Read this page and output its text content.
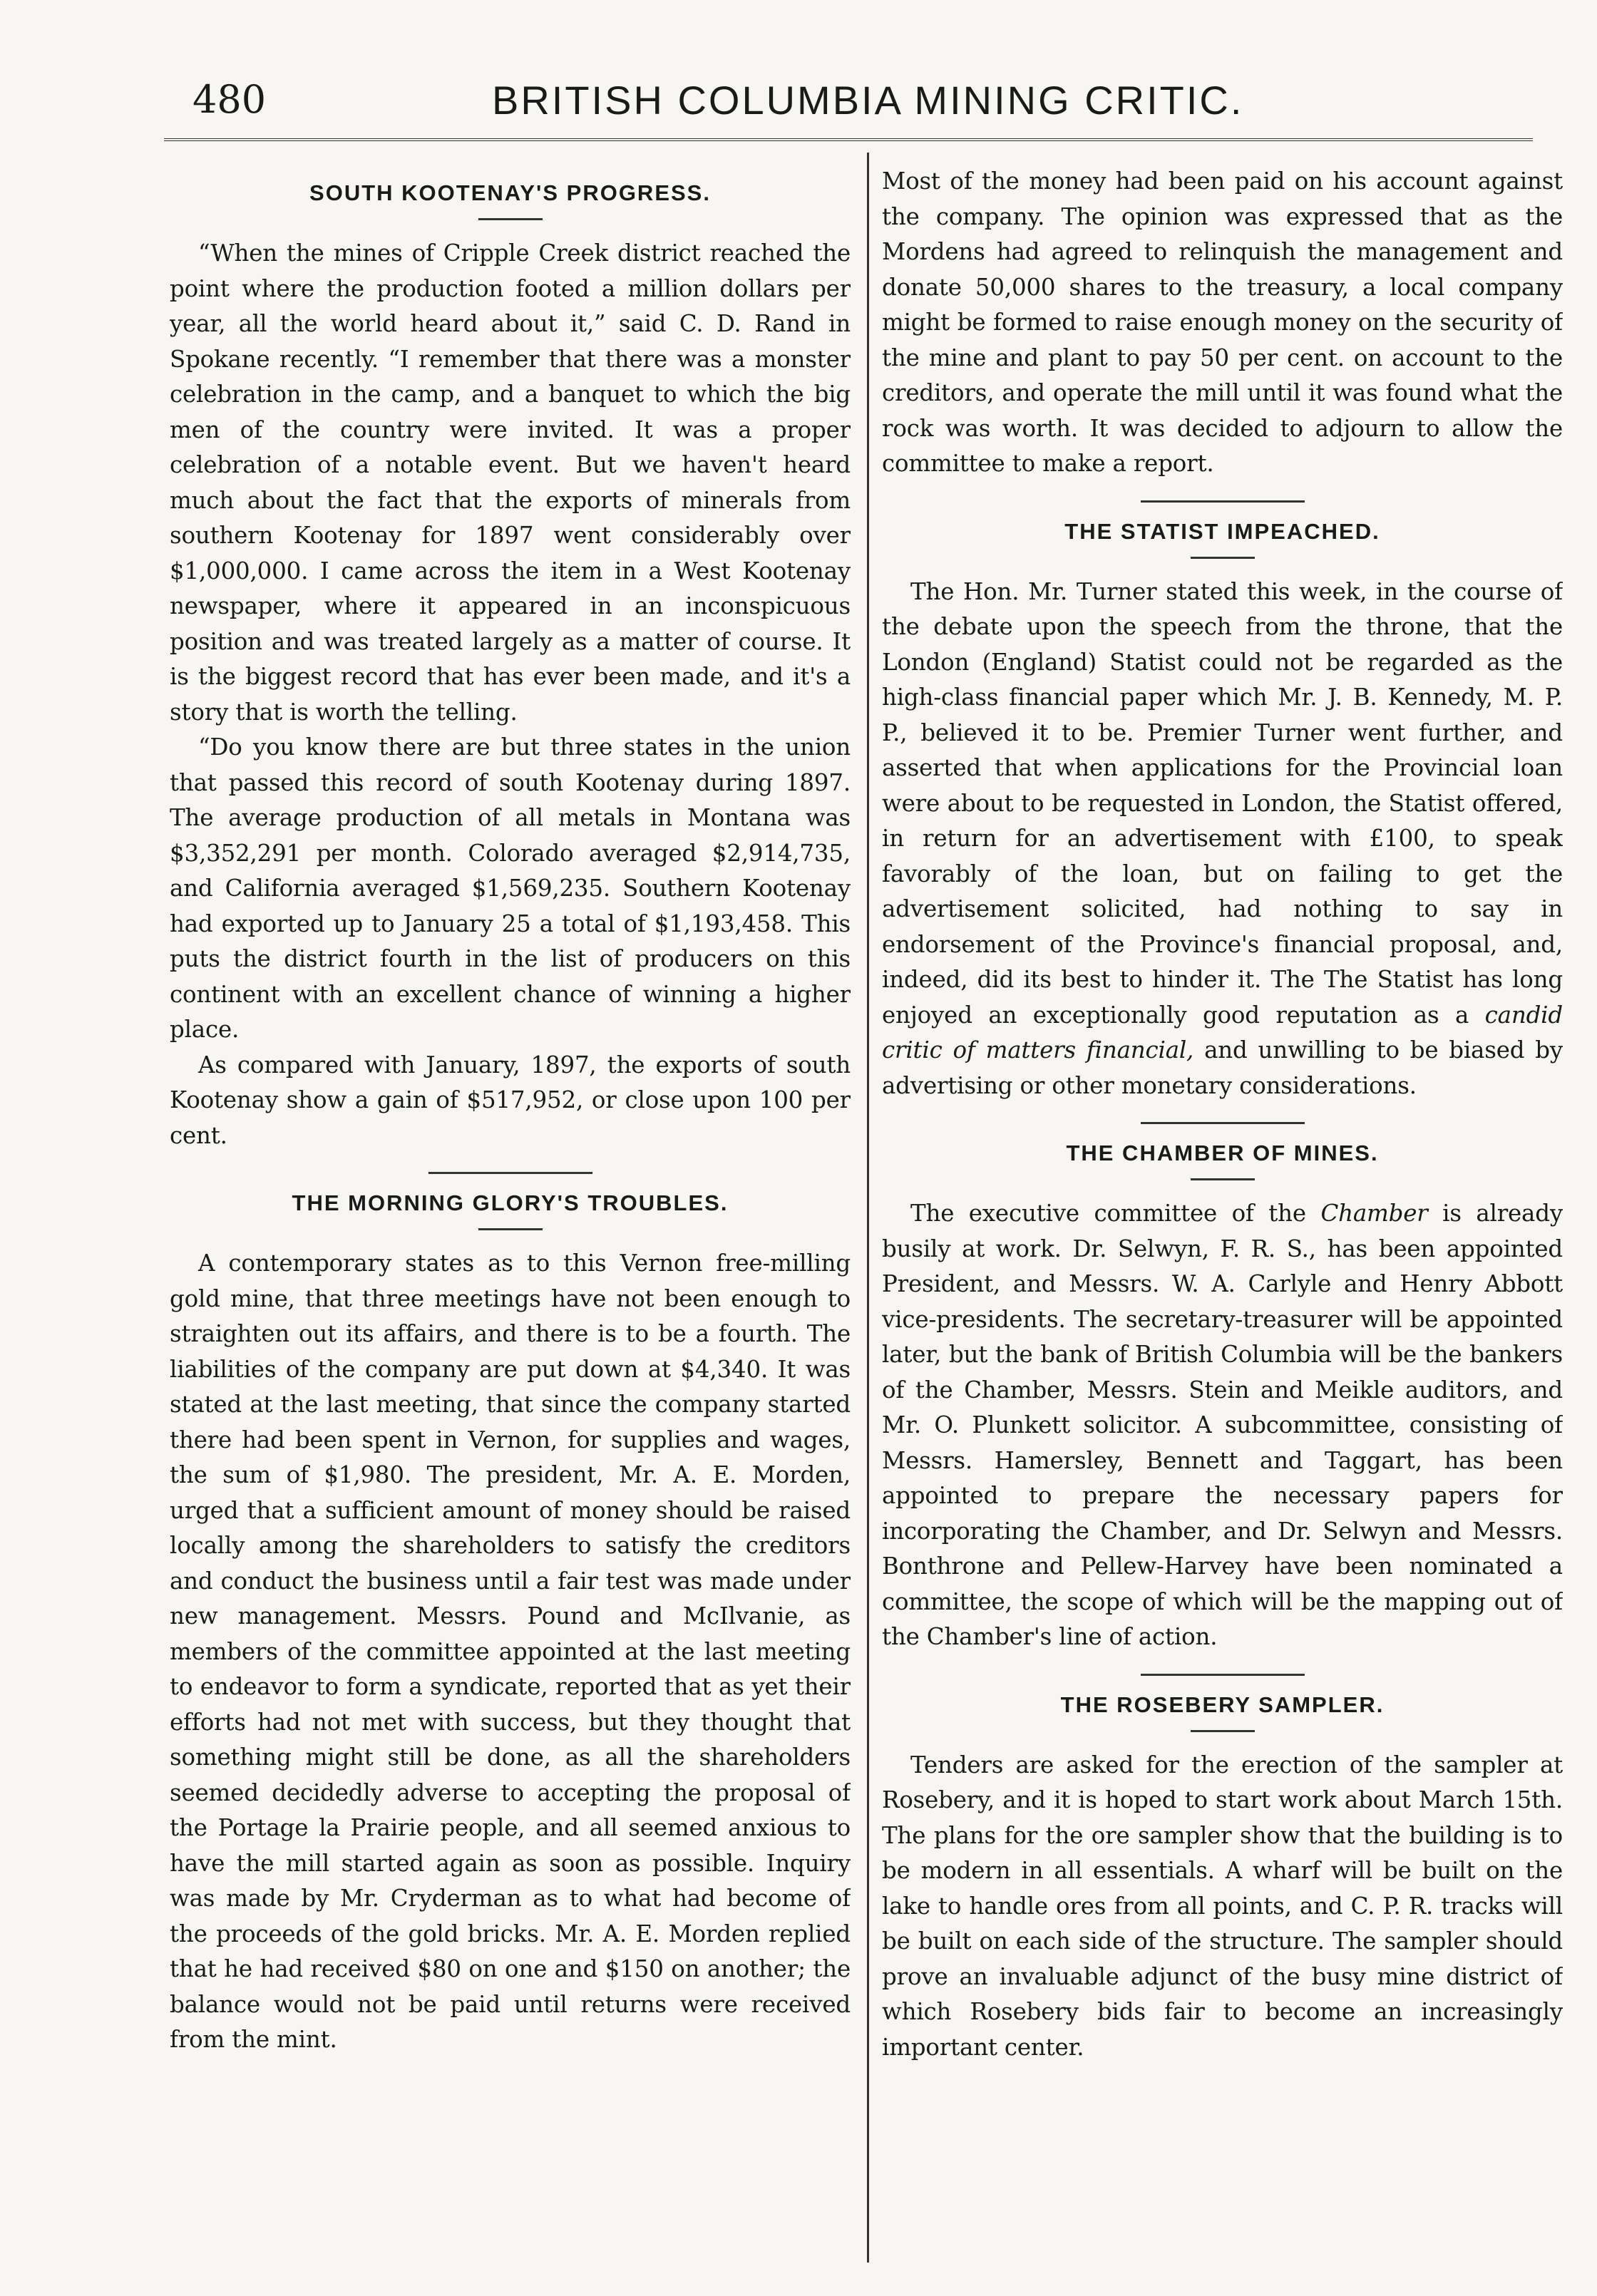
480	BRITISH COLUMBIA MINING CRITIC.
SOUTH KOOTENAY'S PROGRESS.

“When the mines of Cripple Creek district reached the point where the production footed a million dollars per year, all the world heard about it,” said C. D. Rand in Spokane recently. “I remember that there was a monster celebration in the camp, and a banquet to which the big men of the country were invited. It was a proper celebration of a notable event. But we haven't heard much about the fact that the exports of minerals from southern Kootenay for 1897 went considerably over $1,000,000. I came across the item in a West Kootenay newspaper, where it appeared in an inconspicuous position and was treated largely as a matter of course. It is the biggest record that has ever been made, and it's a story that is worth the telling.

“Do you know there are but three states in the union that passed this record of south Kootenay during 1897. The average production of all metals in Montana was $3,352,291 per month. Colorado averaged $2,914,735, and California averaged $1,569,235. Southern Kootenay had exported up to January 25 a total of $1,193,458. This puts the district fourth in the list of producers on this continent with an excellent chance of winning a higher place.

As compared with January, 1897, the exports of south Kootenay show a gain of $517,952, or close upon 100 per cent.

THE MORNING GLORY'S TROUBLES.

A contemporary states as to this Vernon free-milling gold mine, that three meetings have not been enough to straighten out its affairs, and there is to be a fourth. The liabilities of the company are put down at $4,340. It was stated at the last meeting, that since the company started there had been spent in Vernon, for supplies and wages, the sum of $1,980. The president, Mr. A. E. Morden, urged that a sufficient amount of money should be raised locally among the shareholders to satisfy the creditors and conduct the business until a fair test was made under new management. Messrs. Pound and McIlvanie, as members of the committee appointed at the last meeting to endeavor to form a syndicate, reported that as yet their efforts had not met with success, but they thought that something might still be done, as all the shareholders seemed decidedly adverse to accepting the proposal of the Portage la Prairie people, and all seemed anxious to have the mill started again as soon as possible. Inquiry was made by Mr. Cryderman as to what had become of the proceeds of the gold bricks. Mr. A. E. Morden replied that he had received $80 on one and $150 on another; the balance would not be paid until returns were received from the mint.

Most of the money had been paid on his account against the company. The opinion was expressed that as the Mordens had agreed to relinquish the management and donate 50,000 shares to the treasury, a local company might be formed to raise enough money on the security of the mine and plant to pay 50 per cent. on account to the creditors, and operate the mill until it was found what the rock was worth. It was decided to adjourn to allow the committee to make a report.

THE STATIST IMPEACHED.

The Hon. Mr. Turner stated this week, in the course of the debate upon the speech from the throne, that the London (England) Statist could not be regarded as the high-class financial paper which Mr. J. B. Kennedy, M. P. P., believed it to be. Premier Turner went further, and asserted that when applications for the Provincial loan were about to be requested in London, the Statist offered, in return for an advertisement with £100, to speak favorably of the loan, but on failing to get the advertisement solicited, had nothing to say in endorsement of the Province's financial proposal, and, indeed, did its best to hinder it. The The Statist has long enjoyed an exceptionally good reputation as a candid critic of matters financial, and unwilling to be biased by advertising or other monetary considerations.

THE CHAMBER OF MINES.

The executive committee of the Chamber is already busily at work. Dr. Selwyn, F. R. S., has been appointed President, and Messrs. W. A. Carlyle and Henry Abbott vice-presidents. The secretary-treasurer will be appointed later, but the bank of British Columbia will be the bankers of the Chamber, Messrs. Stein and Meikle auditors, and Mr. O. Plunkett solicitor. A subcommittee, consisting of Messrs. Hamersley, Bennett and Taggart, has been appointed to prepare the necessary papers for incorporating the Chamber, and Dr. Selwyn and Messrs. Bonthrone and Pellew-Harvey have been nominated a committee, the scope of which will be the mapping out of the Chamber's line of action.

THE ROSEBERY SAMPLER.

Tenders are asked for the erection of the sampler at Rosebery, and it is hoped to start work about March 15th. The plans for the ore sampler show that the building is to be modern in all essentials. A wharf will be built on the lake to handle ores from all points, and C. P. R. tracks will be built on each side of the structure. The sampler should prove an invaluable adjunct of the busy mine district of which Rosebery bids fair to become an increasingly important center.
